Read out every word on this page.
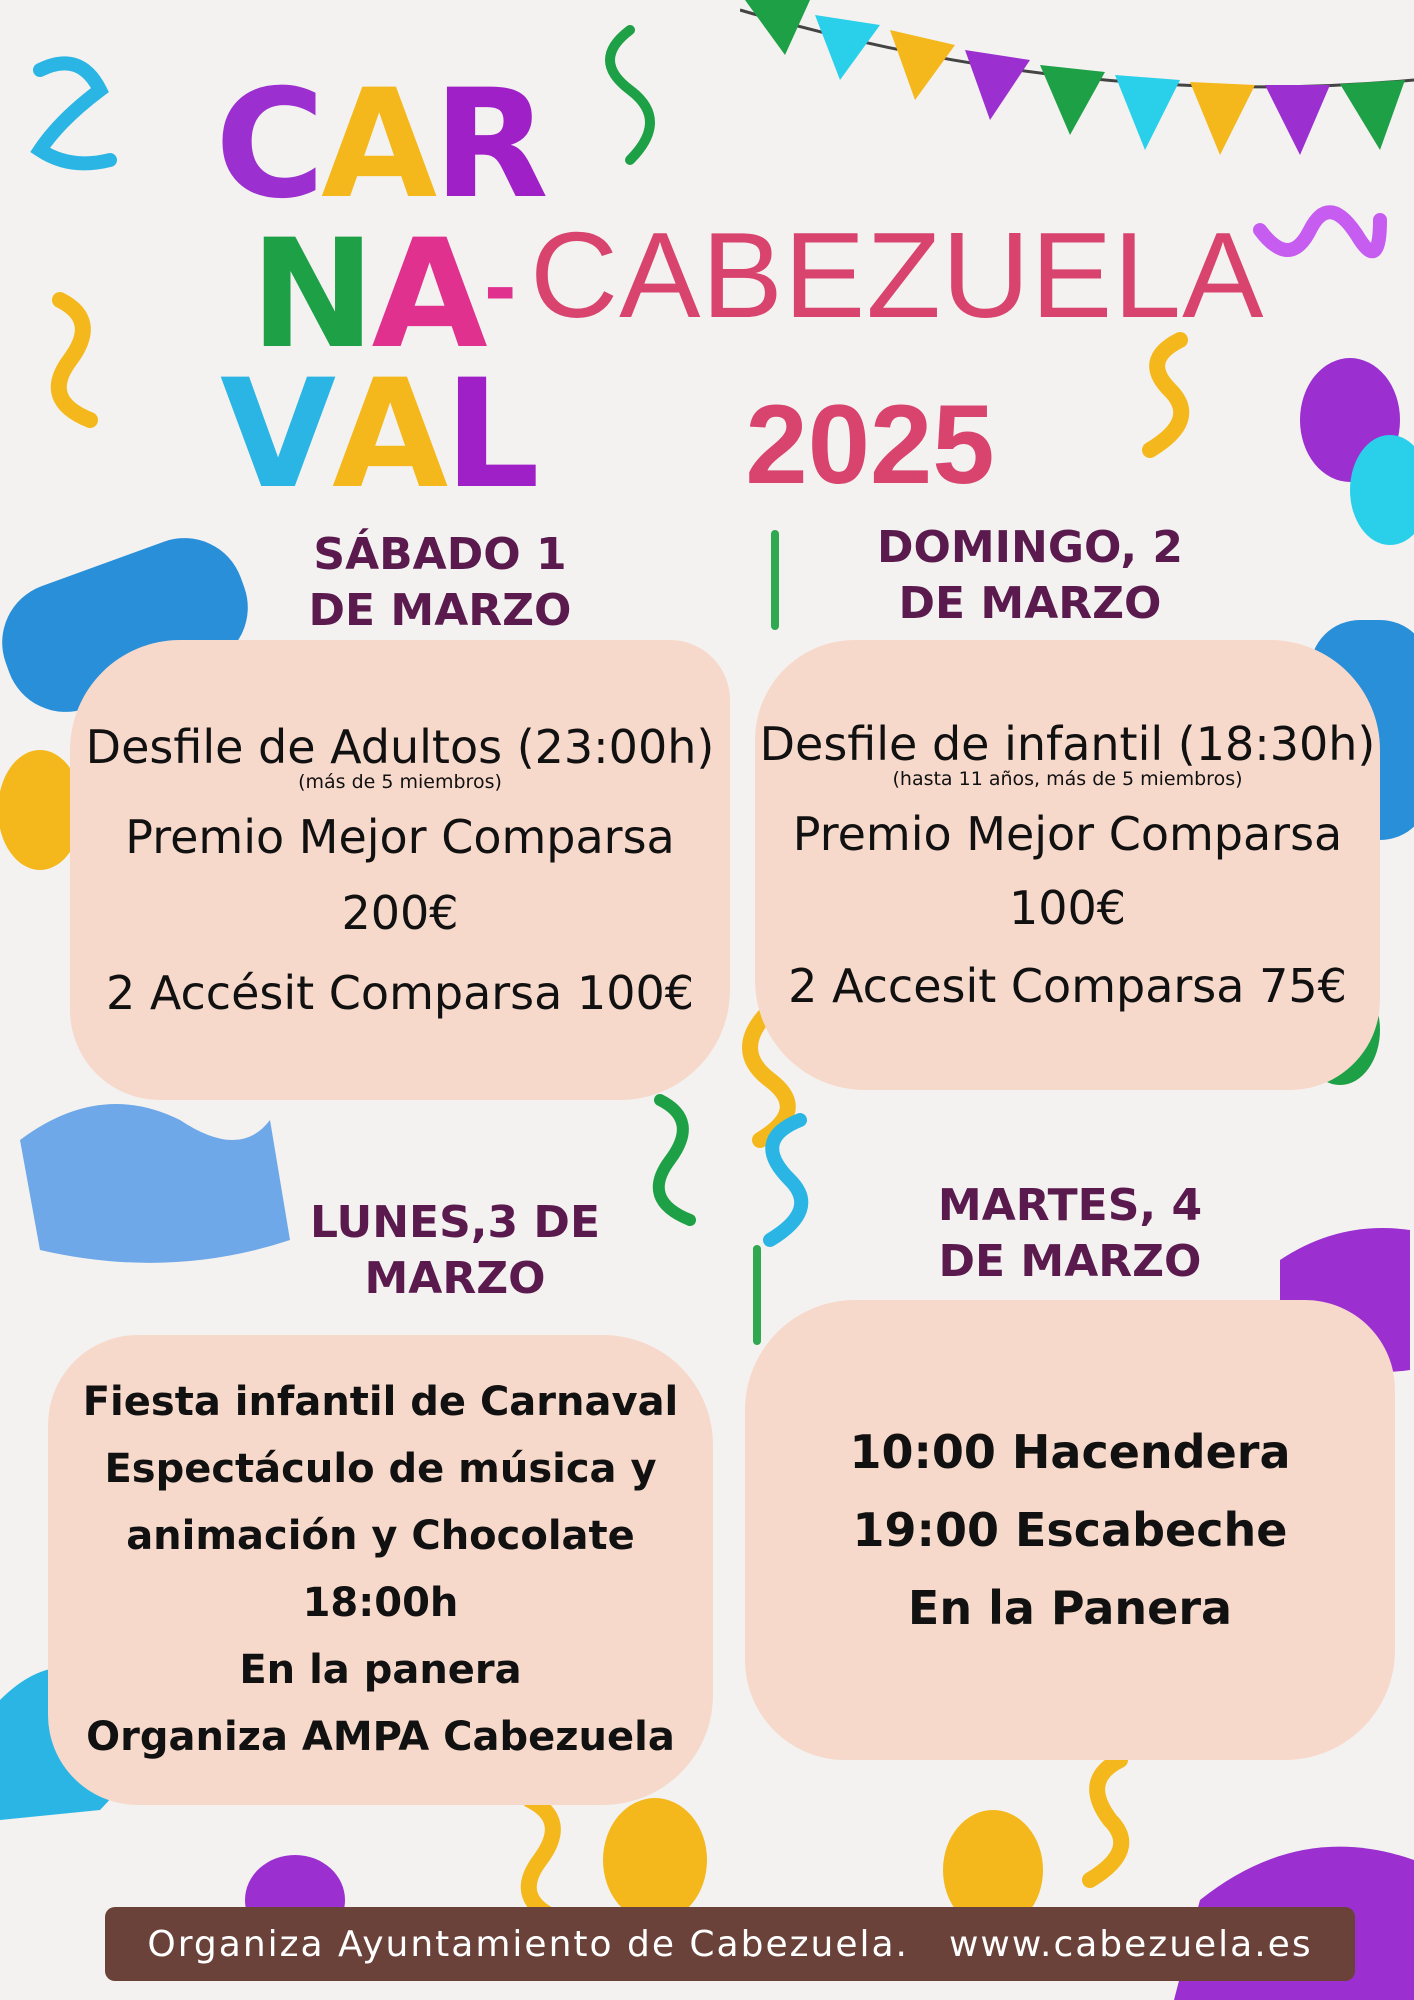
CAR
NA-
VAL
CABEZUELA
2025
SÁBADO 1
DE MARZO
Desfile de Adultos (23:00h)
(más de 5 miembros)
Premio Mejor Comparsa
200€
2 Accésit Comparsa 100€
DOMINGO, 2
DE MARZO
Desfile de infantil (18:30h)
(hasta 11 años, más de 5 miembros)
Premio Mejor Comparsa
100€
2 Accesit Comparsa 75€
LUNES,3 DE
MARZO
Fiesta infantil de Carnaval
Espectáculo de música y
animación y Chocolate 18:00h
En la panera
Organiza AMPA Cabezuela
MARTES, 4
DE MARZO
10:00 Hacendera
19:00 Escabeche
En la Panera
Organiza Ayuntamiento de Cabezuela. www.cabezuela.es
